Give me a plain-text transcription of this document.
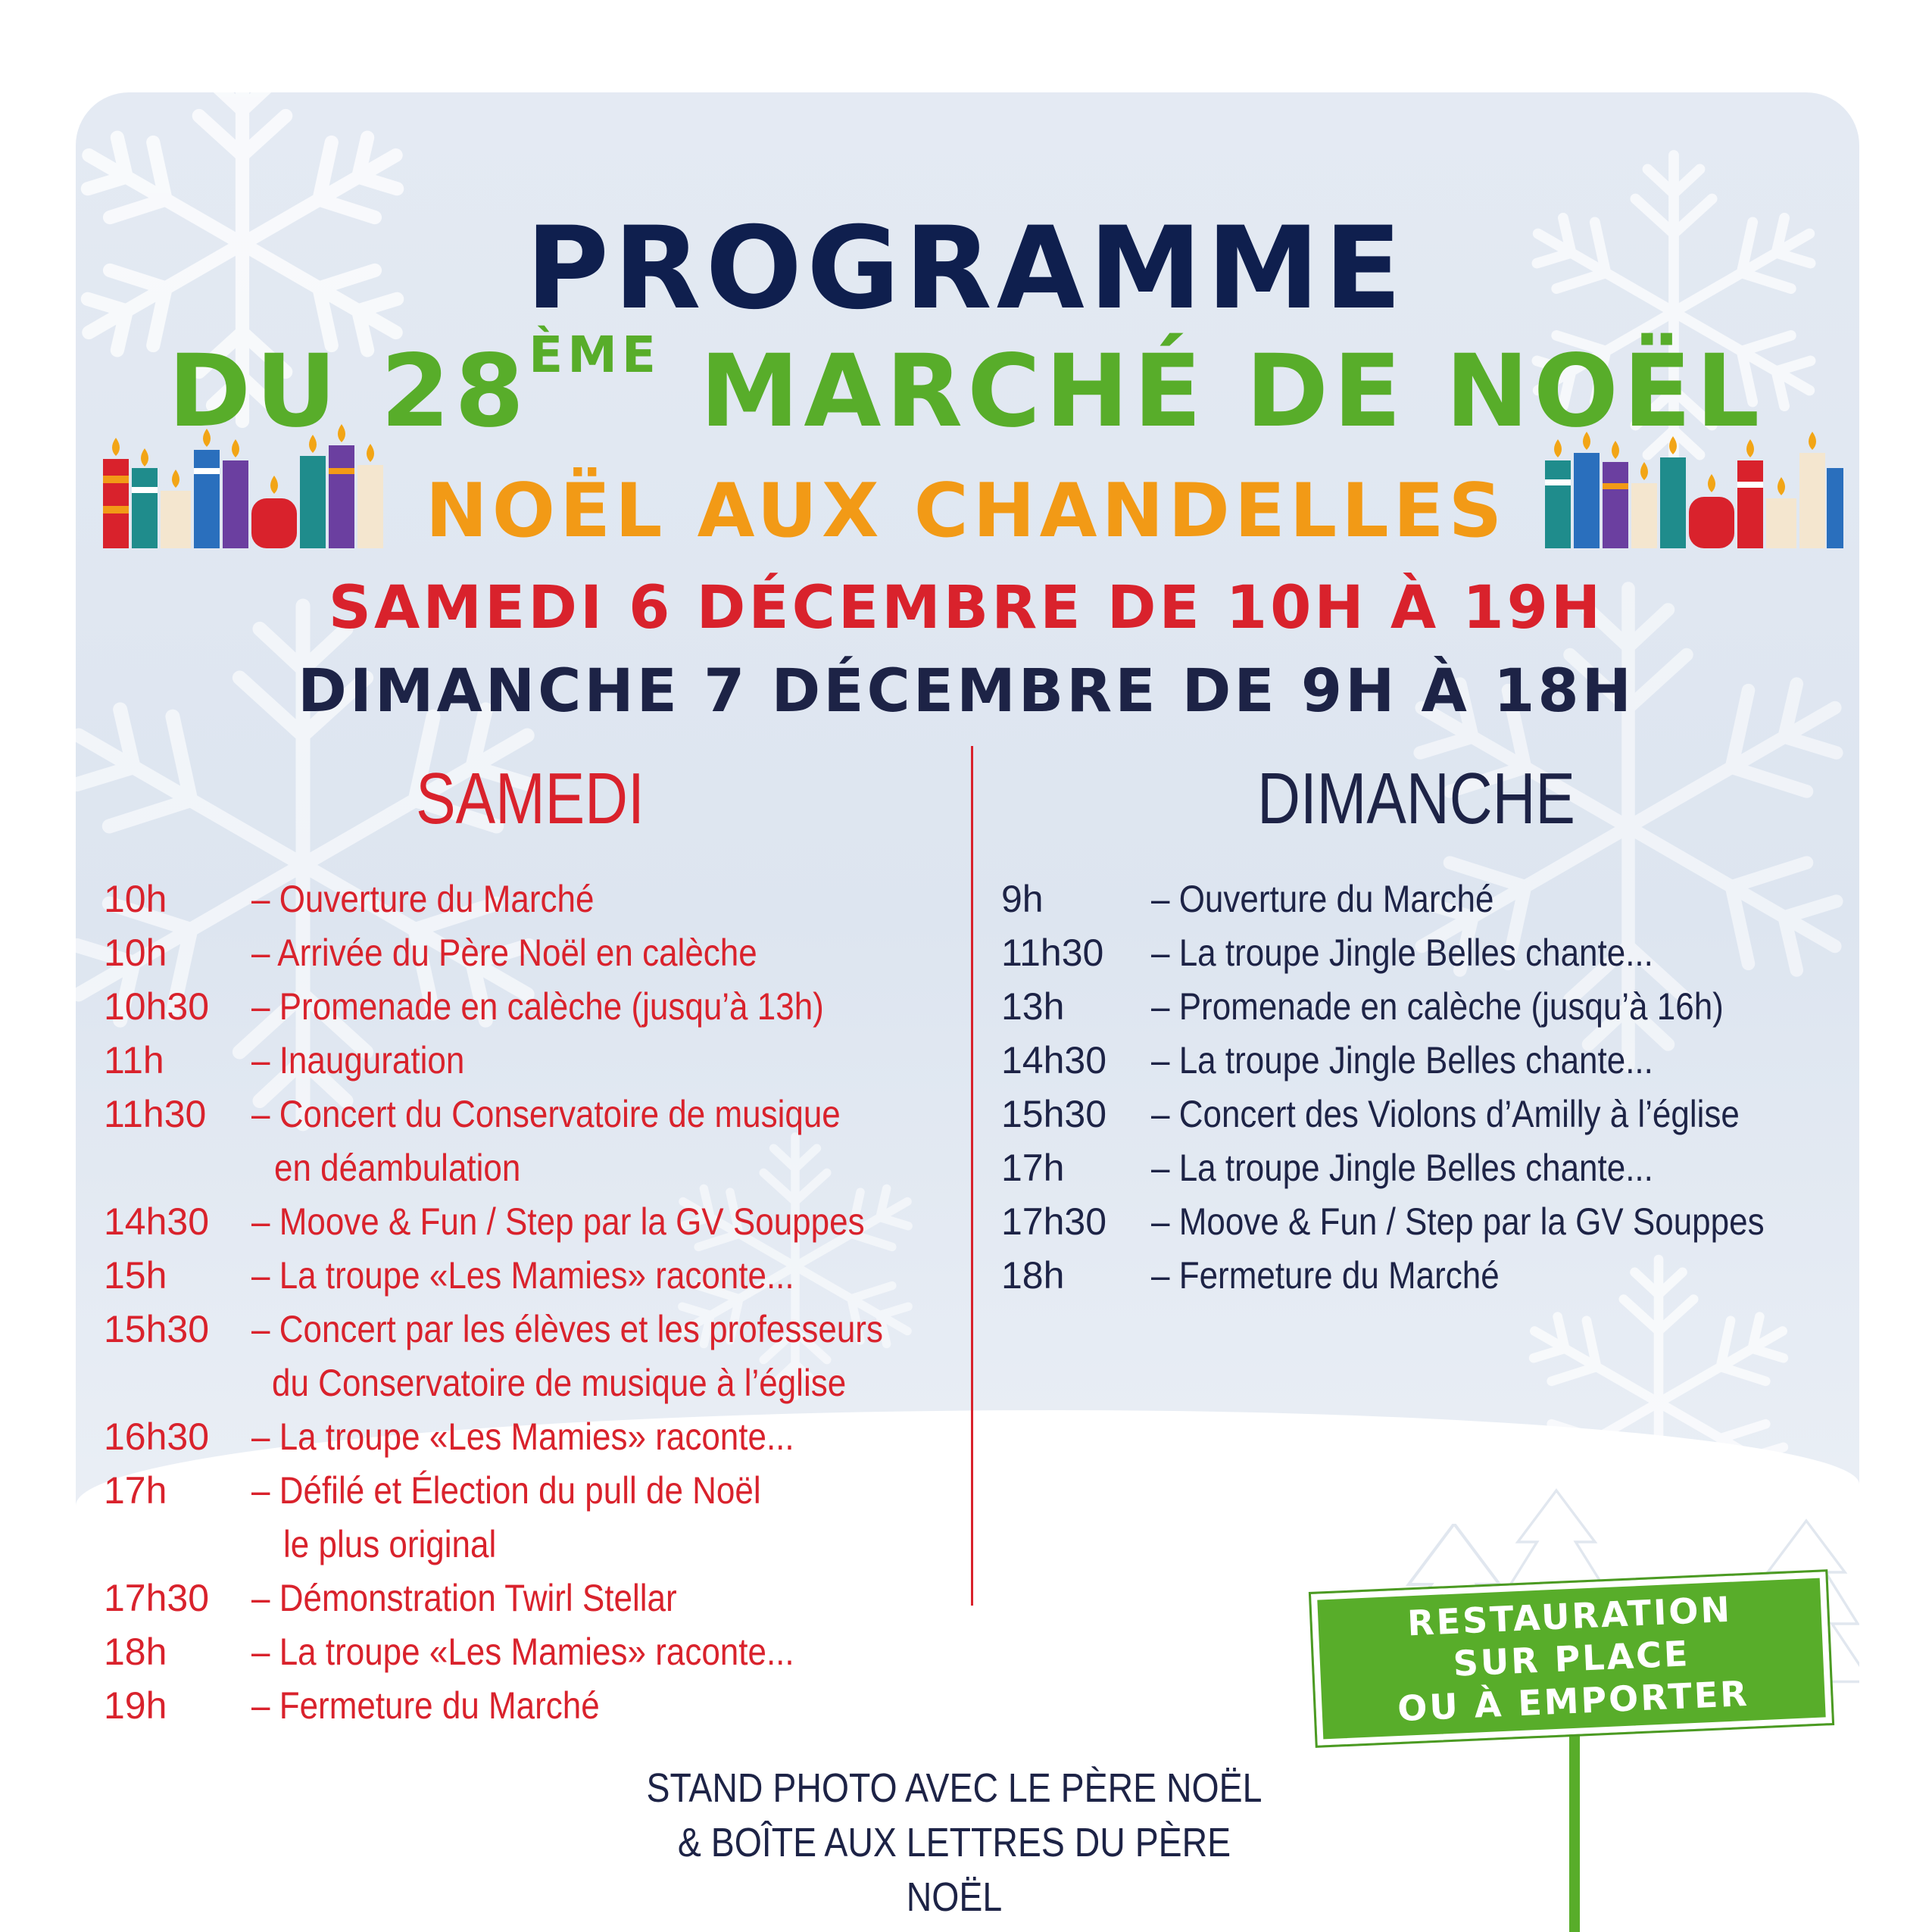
PROGRAMME
DU 28ÈME MARCHÉ DE NOËL
NOËL AUX CHANDELLES
SAMEDI 6 DÉCEMBRE DE 10H À 19H
DIMANCHE 7 DÉCEMBRE DE 9H À 18H
SAMEDI	DIMANCHE
10h – Ouverture du Marché
10h – Arrivée du Père Noël en calèche
10h30 – Promenade en calèche (jusqu’à 13h)
11h – Inauguration
11h30 – Concert du Conservatoire de musique
en déambulation
14h30 – Moove & Fun / Step par la GV Souppes
15h – La troupe «Les Mamies» raconte...
15h30 – Concert par les élèves et les professeurs
du Conservatoire de musique à l’église
16h30 – La troupe «Les Mamies» raconte...
17h – Défilé et Élection du pull de Noël
le plus original
17h30 – Démonstration Twirl Stellar
18h – La troupe «Les Mamies» raconte...
19h – Fermeture du Marché
9h	– Ouverture du Marché
11h30 – La troupe Jingle Belles chante...
13h – Promenade en calèche (jusqu’à 16h)
14h30 – La troupe Jingle Belles chante...
15h30 – Concert des Violons d’Amilly à l’église
17h – La troupe Jingle Belles chante...
17h30 – Moove & Fun / Step par la GV Souppes
18h – Fermeture du Marché
STAND PHOTO AVEC LE PÈRE NOËL
& BOÎTE AUX LETTRES DU PÈRE NOËL
RESTAURATION
SUR PLACE
OU À EMPORTER
